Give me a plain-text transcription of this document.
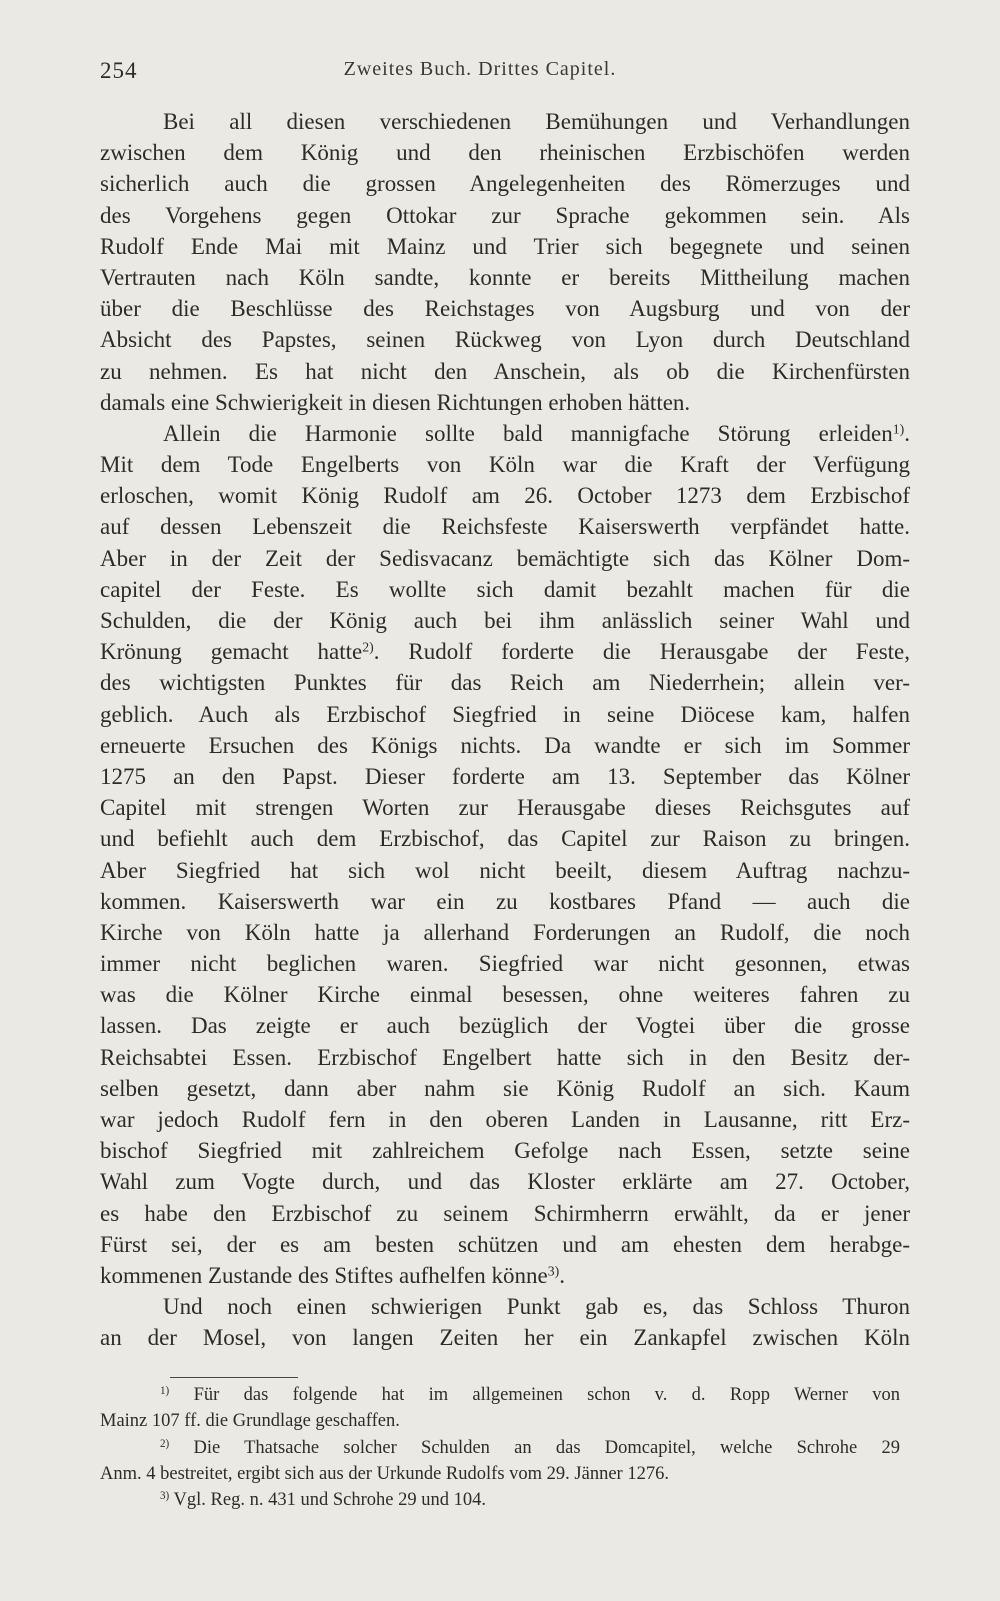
254	Zweites Buch. Drittes Capitel.
Bei all diesen verschiedenen Bemühungen und Verhandlungen
zwischen dem König und den rheinischen Erzbischöfen werden
sicherlich auch die grossen Angelegenheiten des Römerzuges und
des Vorgehens gegen Ottokar zur Sprache gekommen sein. Als
Rudolf Ende Mai mit Mainz und Trier sich begegnete und seinen
Vertrauten nach Köln sandte, konnte er bereits Mittheilung machen
über die Beschlüsse des Reichstages von Augsburg und von der
Absicht des Papstes, seinen Rückweg von Lyon durch Deutschland
zu nehmen. Es hat nicht den Anschein, als ob die Kirchenfürsten
damals eine Schwierigkeit in diesen Richtungen erhoben hätten.
Allein die Harmonie sollte bald mannigfache Störung erleiden$^{1)}$.
Mit dem Tode Engelberts von Köln war die Kraft der Verfügung
erloschen, womit König Rudolf am 26. October 1273 dem Erzbischof
auf dessen Lebenszeit die Reichsfeste Kaiserswerth verpfändet hatte.
Aber in der Zeit der Sedisvacanz bemächtigte sich das Kölner Dom-
capitel der Feste. Es wollte sich damit bezahlt machen für die
Schulden, die der König auch bei ihm anlässlich seiner Wahl und
Krönung gemacht hatte$^{2)}$. Rudolf forderte die Herausgabe der Feste,
des wichtigsten Punktes für das Reich am Niederrhein; allein ver-
geblich. Auch als Erzbischof Siegfried in seine Diöcese kam, halfen
erneuerte Ersuchen des Königs nichts. Da wandte er sich im Sommer
1275 an den Papst. Dieser forderte am 13. September das Kölner
Capitel mit strengen Worten zur Herausgabe dieses Reichsgutes auf
und befiehlt auch dem Erzbischof, das Capitel zur Raison zu bringen.
Aber Siegfried hat sich wol nicht beeilt, diesem Auftrag nachzu-
kommen. Kaiserswerth war ein zu kostbares Pfand — auch die
Kirche von Köln hatte ja allerhand Forderungen an Rudolf, die noch
immer nicht beglichen waren. Siegfried war nicht gesonnen, etwas
was die Kölner Kirche einmal besessen, ohne weiteres fahren zu
lassen. Das zeigte er auch bezüglich der Vogtei über die grosse
Reichsabtei Essen. Erzbischof Engelbert hatte sich in den Besitz der-
selben gesetzt, dann aber nahm sie König Rudolf an sich. Kaum
war jedoch Rudolf fern in den oberen Landen in Lausanne, ritt Erz-
bischof Siegfried mit zahlreichem Gefolge nach Essen, setzte seine
Wahl zum Vogte durch, und das Kloster erklärte am 27. October,
es habe den Erzbischof zu seinem Schirmherrn erwählt, da er jener
Fürst sei, der es am besten schützen und am ehesten dem herabge-
kommenen Zustande des Stiftes aufhelfen könne$^{3)}$.
Und noch einen schwierigen Punkt gab es, das Schloss Thuron
an der Mosel, von langen Zeiten her ein Zankapfel zwischen Köln
$^{1)}$ Für das folgende hat im allgemeinen schon v. d. Ropp Werner von
Mainz 107 ff. die Grundlage geschaffen.
$^{2)}$ Die Thatsache solcher Schulden an das Domcapitel, welche Schrohe 29
Anm. 4 bestreitet, ergibt sich aus der Urkunde Rudolfs vom 29. Jänner 1276.
$^{3)}$ Vgl. Reg. n. 431 und Schrohe 29 und 104.
